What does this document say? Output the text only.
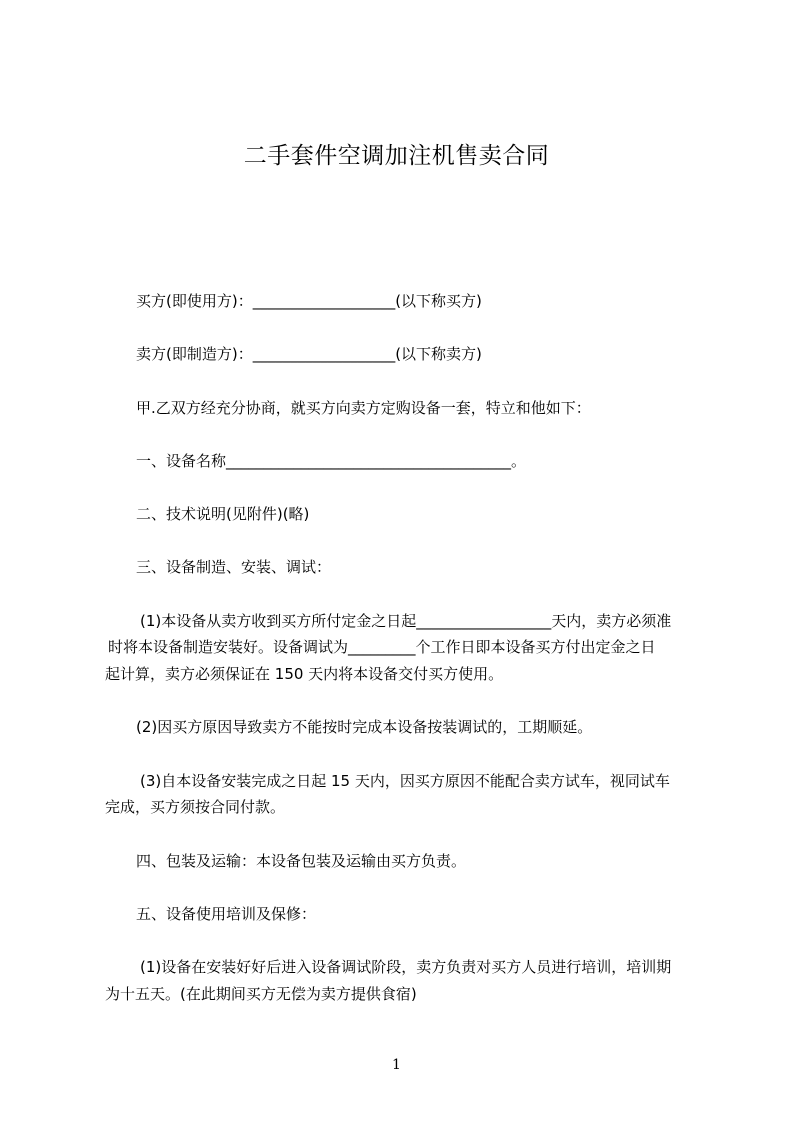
二手套件空调加注机售卖合同
买方(即使用方)：___________________(以下称买方)
卖方(即制造方)：___________________(以下称卖方)
甲.乙双方经充分协商，就买方向卖方定购设备一套，特立和他如下：
一、设备名称______________________________________。
二、技术说明(见附件)(略)
三、设备制造、安装、调试：
(1)本设备从卖方收到买方所付定金之日起__________________天内，卖方必须准
时将本设备制造安装好。设备调试为_________个工作日即本设备买方付出定金之日
起计算，卖方必须保证在 150 天内将本设备交付买方使用。
(2)因买方原因导致卖方不能按时完成本设备按装调试的，工期顺延。
(3)自本设备安装完成之日起 15 天内，因买方原因不能配合卖方试车，视同试车
完成，买方须按合同付款。
四、包装及运输：本设备包装及运输由买方负责。
五、设备使用培训及保修：
(1)设备在安装好好后进入设备调试阶段，卖方负责对买方人员进行培训，培训期
为十五天。(在此期间买方无偿为卖方提供食宿)
1
